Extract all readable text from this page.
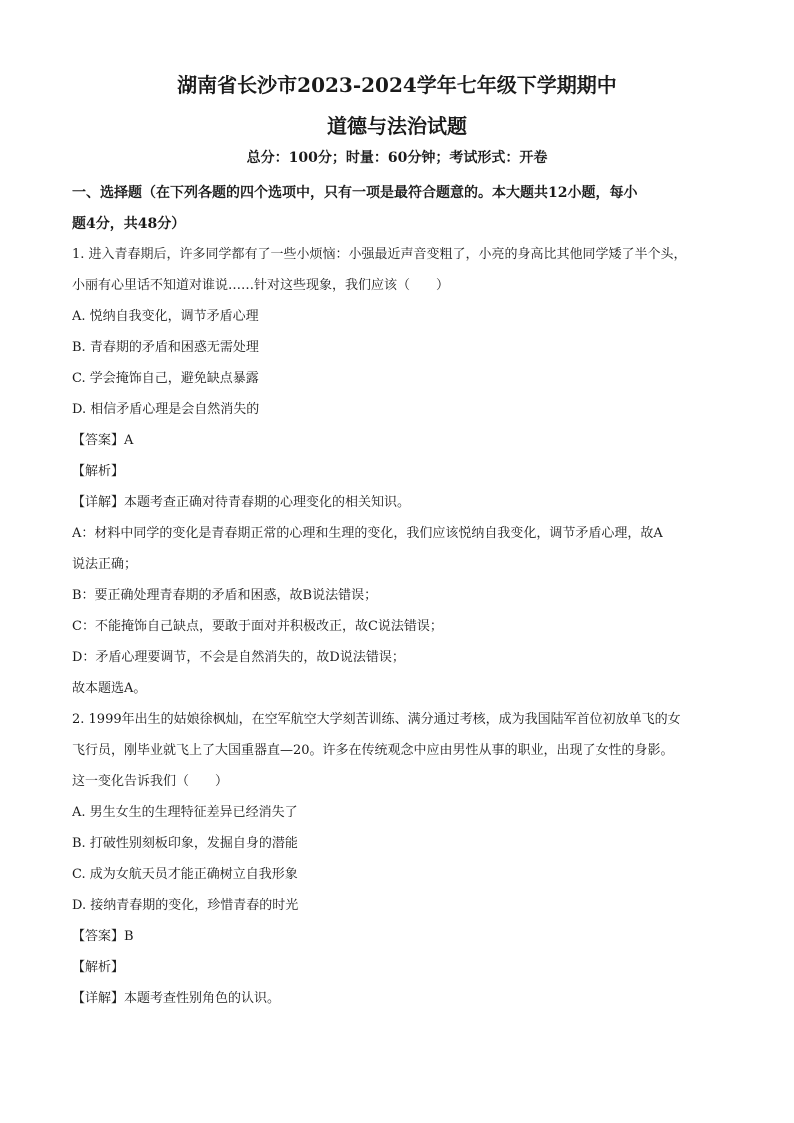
湖南省长沙市2023-2024学年七年级下学期期中
道德与法治试题
总分：100分；时量：60分钟；考试形式：开卷
一、选择题（在下列各题的四个选项中，只有一项是最符合题意的。本大题共12小题，每小
题4分，共48分）
1. 进入青春期后，许多同学都有了一些小烦恼：小强最近声音变粗了，小亮的身高比其他同学矮了半个头，
小丽有心里话不知道对谁说……针对这些现象，我们应该（　　）
A. 悦纳自我变化，调节矛盾心理
B. 青春期的矛盾和困惑无需处理
C. 学会掩饰自己，避免缺点暴露
D. 相信矛盾心理是会自然消失的
【答案】A
【解析】
【详解】本题考查正确对待青春期的心理变化的相关知识。
A：材料中同学的变化是青春期正常的心理和生理的变化，我们应该悦纳自我变化，调节矛盾心理，故A
说法正确；
B：要正确处理青春期的矛盾和困惑，故B说法错误；
C：不能掩饰自己缺点，要敢于面对并积极改正，故C说法错误；
D：矛盾心理要调节，不会是自然消失的，故D说法错误；
故本题选A。
2. 1999年出生的姑娘徐枫灿，在空军航空大学刻苦训练、满分通过考核，成为我国陆军首位初放单飞的女
飞行员，刚毕业就飞上了大国重器直—20。许多在传统观念中应由男性从事的职业，出现了女性的身影。
这一变化告诉我们（　　）
A. 男生女生的生理特征差异已经消失了
B. 打破性别刻板印象，发掘自身的潜能
C. 成为女航天员才能正确树立自我形象
D. 接纳青春期的变化，珍惜青春的时光
【答案】B
【解析】
【详解】本题考查性别角色的认识。
